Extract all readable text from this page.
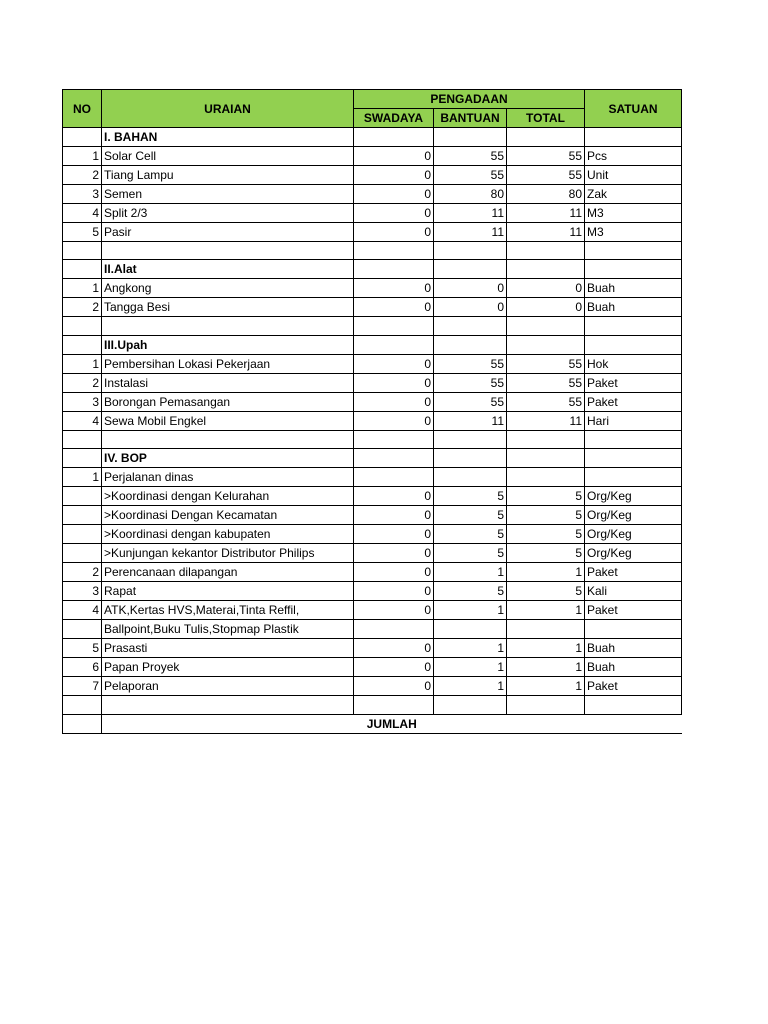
NO	URAIAN	PENGADAAN			SATUAN
		SWADAYA	BANTUAN	TOTAL	
	I. BAHAN				
1	Solar Cell	0	55	55	Pcs
2	Tiang Lampu	0	55	55	Unit
3	Semen	0	80	80	Zak
4	Split 2/3	0	11	11	M3
5	Pasir	0	11	11	M3

	II.Alat				
1	Angkong	0	0	0	Buah
2	Tangga Besi	0	0	0	Buah

	III.Upah				
1	Pembersihan Lokasi Pekerjaan	0	55	55	Hok
2	Instalasi	0	55	55	Paket
3	Borongan Pemasangan	0	55	55	Paket
4	Sewa Mobil Engkel	0	11	11	Hari

	IV. BOP				
1	Perjalanan dinas				
	>Koordinasi dengan Kelurahan	0	5	5	Org/Keg
	>Koordinasi Dengan Kecamatan	0	5	5	Org/Keg
	>Koordinasi dengan kabupaten	0	5	5	Org/Keg
	>Kunjungan kekantor Distributor Philips	0	5	5	Org/Keg
2	Perencanaan dilapangan	0	1	1	Paket
3	Rapat	0	5	5	Kali
4	ATK,Kertas HVS,Materai,Tinta Reffil,	0	1	1	Paket
	Ballpoint,Buku Tulis,Stopmap Plastik				
5	Prasasti	0	1	1	Buah
6	Papan Proyek	0	1	1	Buah
7	Pelaporan	0	1	1	Paket

	JUMLAH				
